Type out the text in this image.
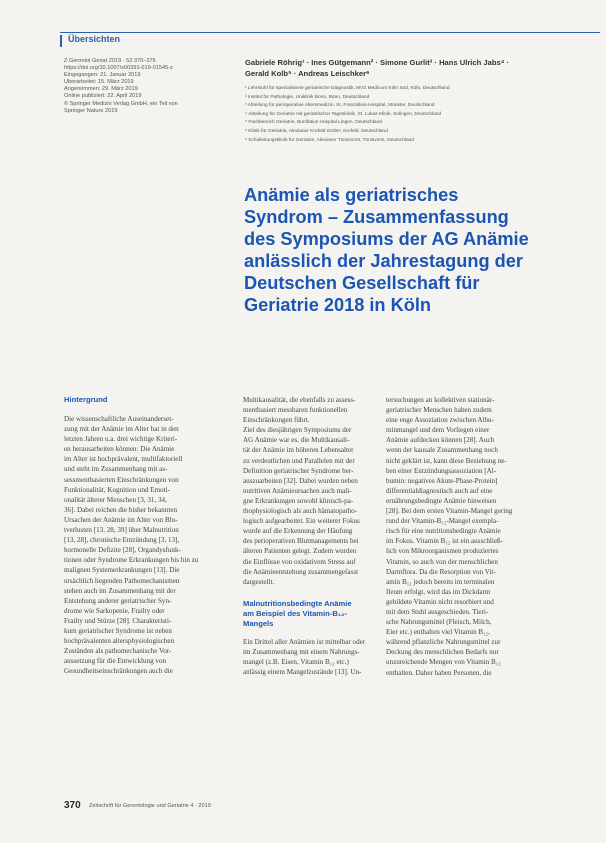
Übersichten
Z Gerontol Geriat 2019 · 52:370–376
https://doi.org/10.1007/s00391-019-01545-z
Eingegangen: 21. Januar 2019
Überarbeitet: 15. März 2019
Angenommen: 29. März 2019
Online publiziert: 22. April 2019
© Springer Medizin Verlag GmbH, ein Teil von
Springer Nature 2019
Gabriele Röhrig¹ · Ines Gütgemann² · Simone Gurlit³ · Hans Ulrich Jabs⁴ ·
Gerald Kolb⁵ · Andreas Leischker⁶
¹ Lehrstuhl für spezialisierte geriatrische Diagnostik, MVZ Medicum Köln Süd, Köln, Deutschland
² Institut für Pathologie, Uniklinik Bonn, Bonn, Deutschland
³ Abteilung für perioperative Altersmedizin, St. Franziskus-Hospital, Münster, Deutschland
⁴ Abteilung für Geriatrie mit geriatrischer Tagesklinik, St. Lukas Klinik, Solingen, Deutschland
⁵ Fachbereich Geriatrie, Bonifatius Hospital Lingen, Deutschland
⁶ Klinik für Geriatrie, Alexianer Krefeld GmbH, Krefeld, Deutschland
⁶ Schulleitungsklinik für Geriatrie, Alexianer Tönisvorst, Tönisvorst, Deutschland
Anämie als geriatrisches
Syndrom – Zusammenfassung
des Symposiums der AG Anämie
anlässlich der Jahrestagung der
Deutschen Gesellschaft für
Geriatrie 2018 in Köln
Hintergrund
Die wissenschaftliche Auseinanderset-
zung mit der Anämie im Alter hat in den
letzten Jahren u.a. drei wichtige Kriteri-
en herausarbeiten können: Die Anämie
im Alter ist hochprävalent, multifaktoriell
und steht im Zusammenhang mit as-
sessmentbasierten Einschränkungen von
Funktionalität, Kognition und Emoti-
onalität älterer Menschen [3, 31, 34,
36]. Dabei reichen die bisher bekannten
Ursachen der Anämie im Alter von Blu-
tverlusten [13, 28, 39] über Malnutrition
[13, 28], chronische Entzündung [3, 13],
hormonelle Defizite [28], Organdysfunk-
tionen oder Syndrome Erkrankungen bis hin zu
malignen Systemerkrankungen [13]. Die
ursächlich liegenden Pathomechanismen
stehen auch im Zusammenhang mit der
Entstehung anderer geriatrischer Syn-
drome wie Sarkopenie, Frailty oder
Frailty und Stürze [28]. Charakteristi-
kum geriatrischer Syndrome ist neben
hochprävalenten altersphysiologischen
Zuständen als pathomechanische Vor-
aussetzung für die Entwicklung von
Gesundheitseinschränkungen auch die
Multikausalität, die ebenfalls zu assess-
mentbasiert messbaren funktionellen
Einschränkungen führt.
Ziel des diesjährigen Symposiums der
AG Anämie war es, die Multikausali-
tät der Anämie im höheren Lebensalter
zu verdeutlichen und Parallelen mit der
Definition geriatrischer Syndrome her-
auszuarbeiten [32]. Dabei wurden neben
nutritiven Anämieursachen auch mali-
gne Erkrankungen sowohl klinisch-pa-
thophysiologisch als auch hämatopatho-
logisch aufgearbeitet. Ein weiterer Fokus
wurde auf die Erkennung der Häufung
des perioperativen Blutmanagements bei
älteren Patienten gelegt. Zudem wurden
die Einflüsse von oxidativem Stress auf
die Anämieentstehung zusammengefasst
dargestellt.
Malnutritionsbedingte Anämie
am Beispiel des Vitamin-B₁₂-
Mangels
Ein Drittel aller Anämien ist mittelbar oder
im Zusammenhang mit einem Nahrungs-
mangel (z.B. Eisen, Vitamin B₁₂ etc.)
anlässig einem Mangelzustände [13]. Un-
tersuchungen an kollektiven stationär-
geriatrischer Menschen haben zudem
eine enge Assoziation zwischen Albu-
minmangel und dem Vorliegen einer
Anämie aufdecken können [28]. Auch
wenn der kausale Zusammenhang noch
nicht geklärt ist, kann diese Beziehung ne-
ben einer Entzündungsassoziation [Al-
bumin: negatives Akute-Phase-Protein]
differentialdiagnostisch auch auf eine
ernährungsbedingte Anämie hinweisen
[28]. Bei dem ersten Vitamin-Mangel gering
rund der Vitamin-B₁₂-Mangel exempla-
risch für eine nutritionsbedingte Anämie
im Fokus. Vitamin B₁₂ ist ein ausschließ-
lich von Mikroorganismen produziertes
Vitamin, so auch von der menschlichen
Darmflora. Da die Resorption von Vit-
amin B₁₂ jedoch bereits im terminalen
Ileum erfolgt, wird das im Dickdarm
gebildete Vitamin nicht resorbiert und
mit dem Stuhl ausgeschieden. Tieri-
sche Nahrungsmittel (Fleisch, Milch,
Eier etc.) enthalten viel Vitamin B₁₂,
während pflanzliche Nahrungsmittel zur
Deckung des menschlichen Bedarfs nur
unzureichende Mengen von Vitamin B₁₂
enthalten. Daher haben Personen, die
370 Zeitschrift für Gerontologie und Geriatrie 4 · 2019
